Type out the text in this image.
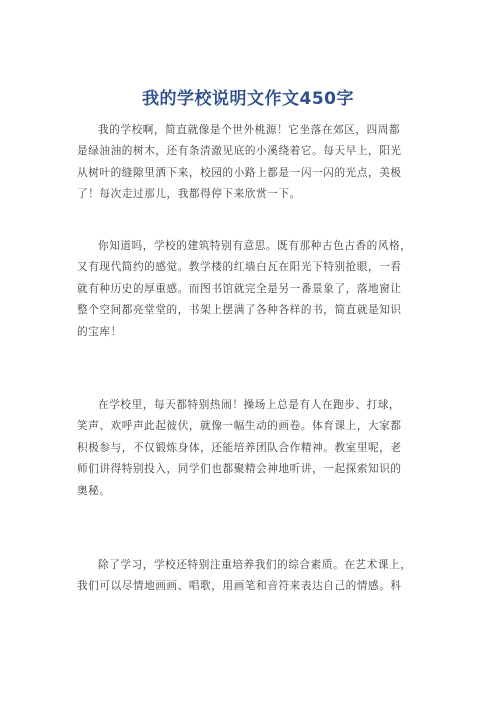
我的学校说明文作文450字
我的学校啊，简直就像是个世外桃源！它坐落在郊区，四周都
是绿油油的树木，还有条清澈见底的小溪绕着它。每天早上，阳光
从树叶的缝隙里洒下来，校园的小路上都是一闪一闪的光点，美极
了！每次走过那儿，我都得停下来欣赏一下。
你知道吗，学校的建筑特别有意思。既有那种古色古香的风格，
又有现代简约的感觉。教学楼的红墙白瓦在阳光下特别抢眼，一看
就有种历史的厚重感。而图书馆就完全是另一番景象了，落地窗让
整个空间都亮堂堂的，书架上摆满了各种各样的书，简直就是知识
的宝库！
在学校里，每天都特别热闹！操场上总是有人在跑步、打球，
笑声、欢呼声此起彼伏，就像一幅生动的画卷。体育课上，大家都
积极参与，不仅锻炼身体，还能培养团队合作精神。教室里呢，老
师们讲得特别投入，同学们也都聚精会神地听讲，一起探索知识的
奥秘。
除了学习，学校还特别注重培养我们的综合素质。在艺术课上，
我们可以尽情地画画、唱歌，用画笔和音符来表达自己的情感。科
